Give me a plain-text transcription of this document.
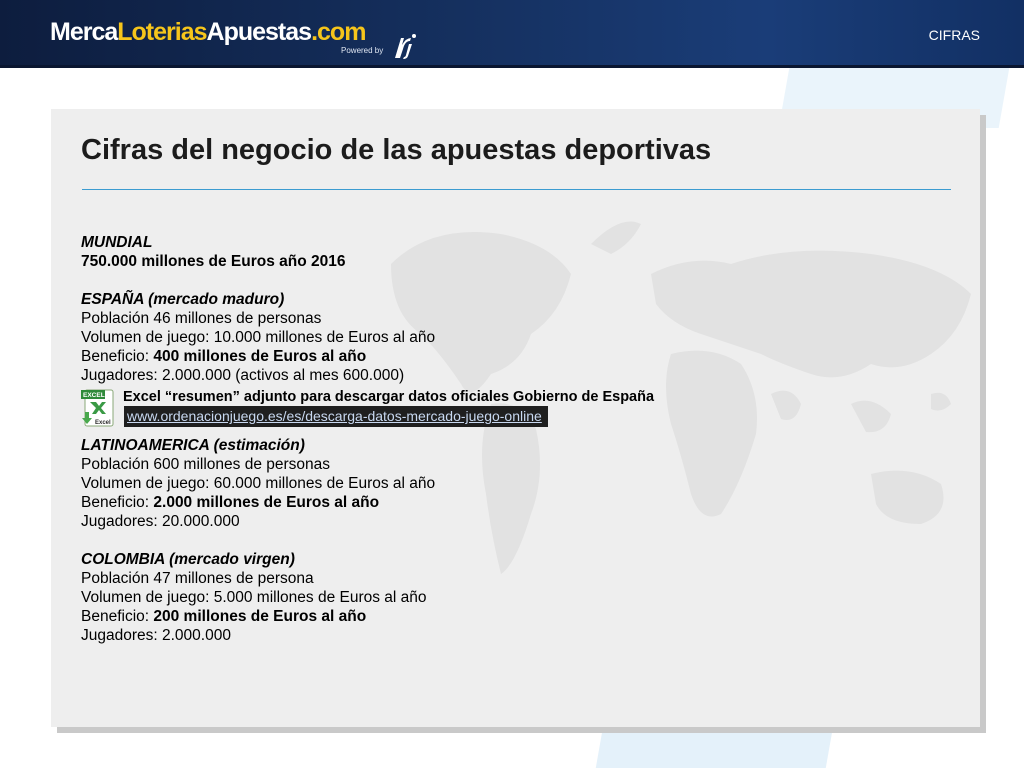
MercaLoteriasApuestas.com
Powered by
CIFRAS
Cifras del negocio de las apuestas deportivas
MUNDIAL
750.000 millones de Euros año 2016
ESPAÑA (mercado maduro)
Población 46 millones de personas
Volumen de juego: 10.000 millones de Euros al año
Beneficio: 400 millones de Euros al año
Jugadores: 2.000.000 (activos al mes 600.000)
EXCEL
Excel
Excel “resumen” adjunto para descargar datos oficiales Gobierno de España
www.ordenacionjuego.es/es/descarga-datos-mercado-juego-online
LATINOAMERICA (estimación)
Población 600 millones de personas
Volumen de juego: 60.000 millones de Euros al año
Beneficio: 2.000 millones de Euros al año
Jugadores: 20.000.000
COLOMBIA (mercado virgen)
Población 47 millones de persona
Volumen de juego: 5.000 millones de Euros al año
Beneficio: 200 millones de Euros al año
Jugadores: 2.000.000
